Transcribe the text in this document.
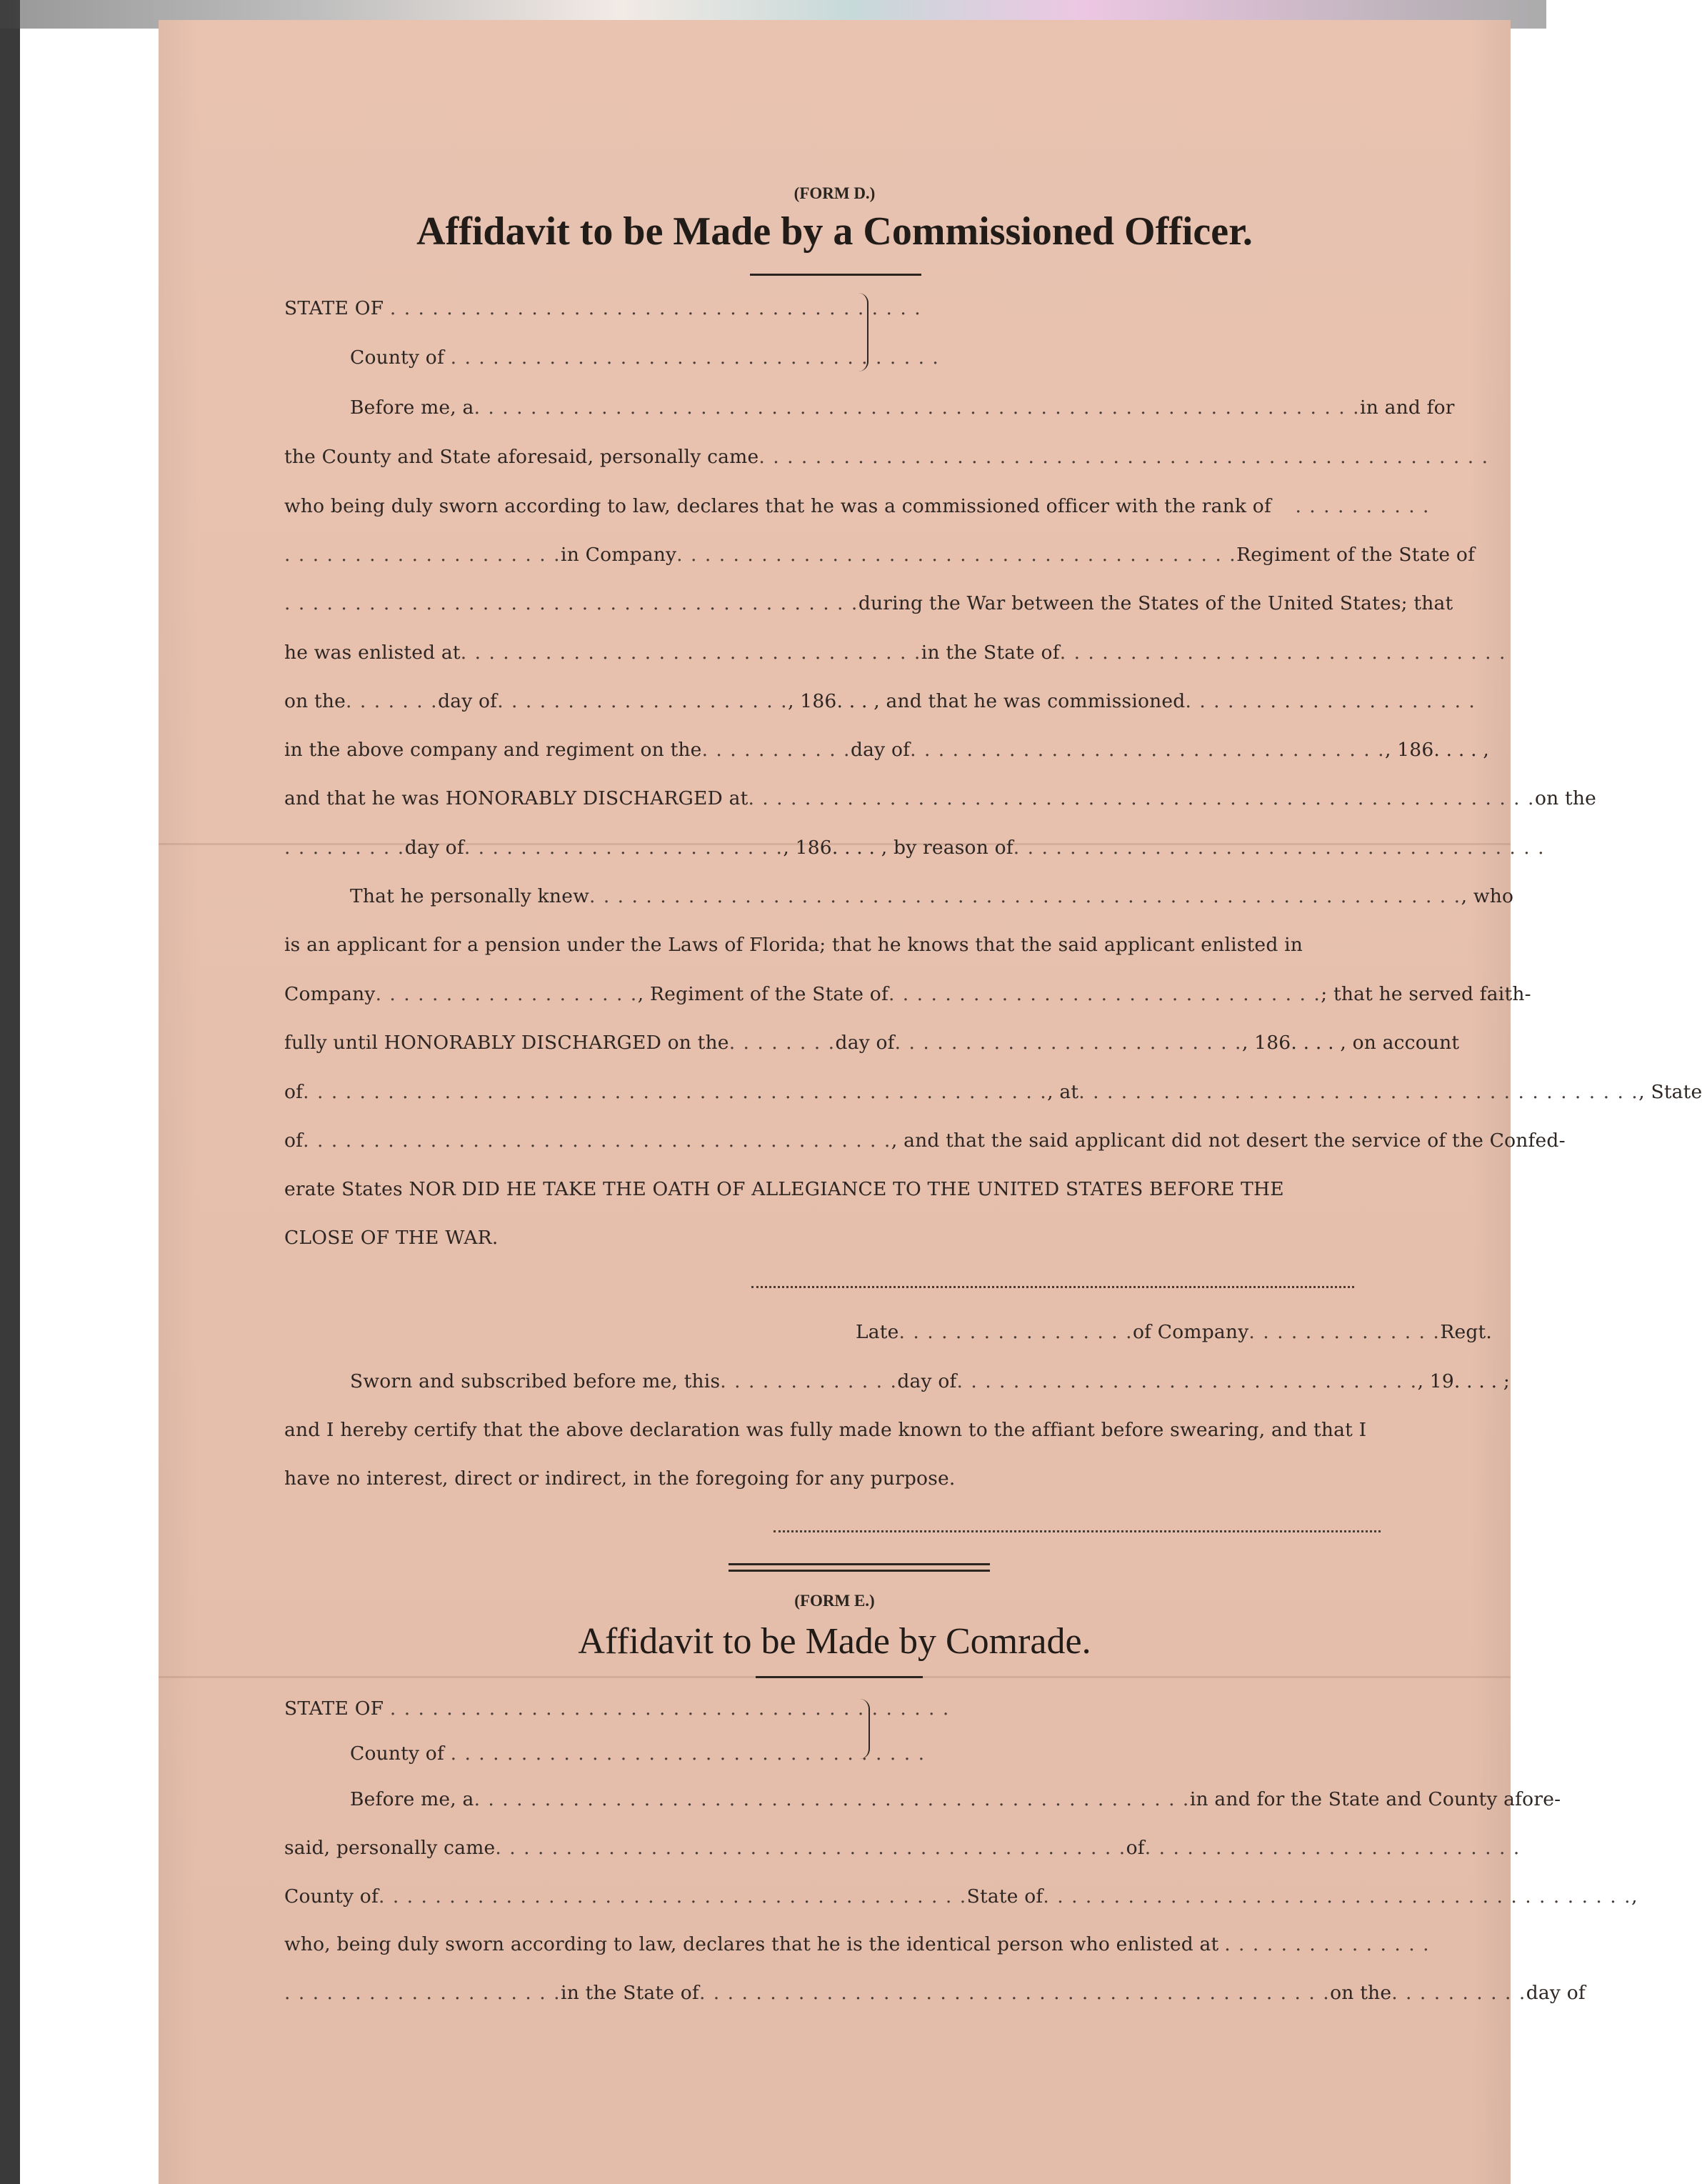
(FORM D.)
Affidavit to be Made by a Commissioned Officer.
STATE OF . . . . . . . . . . . . . . . . . . . . . . . . . . . . . . . . . . . . . .
County of . . . . . . . . . . . . . . . . . . . . . . . . . . . . . . . . . . .
Before me, a . . . . . . . . . . . . . . . . . . . . . . . . . . . . . . . . . . . . . . . . . . . . . . . . . . . . . . . . . . . . . . . in and for
the County and State aforesaid, personally came . . . . . . . . . . . . . . . . . . . . . . . . . . . . . . . . . . . . . . . . . . . . . . . . . . . .
who being duly sworn according to law, declares that he was a commissioned officer with the rank of . . . . . . . . . .
. . . . . . . . . . . . . . . . . . . . in Company . . . . . . . . . . . . . . . . . . . . . . . . . . . . . . . . . . . . . . . . Regiment of the State of
. . . . . . . . . . . . . . . . . . . . . . . . . . . . . . . . . . . . . . . . . during the War between the States of the United States; that
he was enlisted at . . . . . . . . . . . . . . . . . . . . . . . . . . . . . . . . . in the State of . . . . . . . . . . . . . . . . . . . . . . . . . . . . . . . .
on the . . . . . . . day of . . . . . . . . . . . . . . . . . . . . . , 186. . . , and that he was commissioned . . . . . . . . . . . . . . . . . . . . .
in the above company and regiment on the . . . . . . . . . . . day of . . . . . . . . . . . . . . . . . . . . . . . . . . . . . . . . . . , 186. . . . ,
and that he was HONORABLY DISCHARGED at . . . . . . . . . . . . . . . . . . . . . . . . . . . . . . . . . . . . . . . . . . . . . . . . . . . . . . . . on the
. . . . . . . . . day of . . . . . . . . . . . . . . . . . . . . . . . , 186. . . . , by reason of . . . . . . . . . . . . . . . . . . . . . . . . . . . . . . . . . . . . . .
That he personally knew . . . . . . . . . . . . . . . . . . . . . . . . . . . . . . . . . . . . . . . . . . . . . . . . . . . . . . . . . . . . . . , who
is an applicant for a pension under the Laws of Florida; that he knows that the said applicant enlisted in
Company . . . . . . . . . . . . . . . . . . . , Regiment of the State of . . . . . . . . . . . . . . . . . . . . . . . . . . . . . . . ; that he served faith-
fully until HONORABLY DISCHARGED on the . . . . . . . . day of . . . . . . . . . . . . . . . . . . . . . . . . . , 186. . . . , on account
of . . . . . . . . . . . . . . . . . . . . . . . . . . . . . . . . . . . . . . . . . . . . . . . . . . . . . , at . . . . . . . . . . . . . . . . . . . . . . . . . . . . . . . . . . . . . . . . , State
of . . . . . . . . . . . . . . . . . . . . . . . . . . . . . . . . . . . . . . . . . . , and that the said applicant did not desert the service of the Confed-
erate States NOR DID HE TAKE THE OATH OF ALLEGIANCE TO THE UNITED STATES BEFORE THE
CLOSE OF THE WAR.
Late . . . . . . . . . . . . . . . . . of Company . . . . . . . . . . . . . . Regt.
Sworn and subscribed before me, this . . . . . . . . . . . . . day of . . . . . . . . . . . . . . . . . . . . . . . . . . . . . . . . . , 19. . . . ;
and I hereby certify that the above declaration was fully made known to the affiant before swearing, and that I
have no interest, direct or indirect, in the foregoing for any purpose.
(FORM E.)
Affidavit to be Made by Comrade.
STATE OF . . . . . . . . . . . . . . . . . . . . . . . . . . . . . . . . . . . . . . . .
County of . . . . . . . . . . . . . . . . . . . . . . . . . . . . . . . . . .
Before me, a . . . . . . . . . . . . . . . . . . . . . . . . . . . . . . . . . . . . . . . . . . . . . . . . . . . in and for the State and County afore-
said, personally came . . . . . . . . . . . . . . . . . . . . . . . . . . . . . . . . . . . . . . . . . . . . . of . . . . . . . . . . . . . . . . . . . . . . . . . . .
County of . . . . . . . . . . . . . . . . . . . . . . . . . . . . . . . . . . . . . . . . . . State of . . . . . . . . . . . . . . . . . . . . . . . . . . . . . . . . . . . . . . . . . . ,
who, being duly sworn according to law, declares that he is the identical person who enlisted at . . . . . . . . . . . . . . .
. . . . . . . . . . . . . . . . . . . . in the State of . . . . . . . . . . . . . . . . . . . . . . . . . . . . . . . . . . . . . . . . . . . . . on the . . . . . . . . . . day of
